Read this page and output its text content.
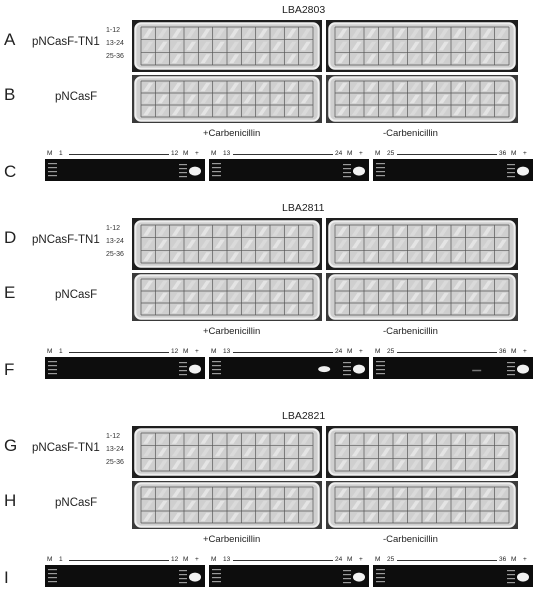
LBA2803
A pNCasF-TN1
1-12
13-24
25-36
B	pNCasF
+Carbenicillin	-Carbenicillin
C
M 1	12 M + M 13	24 M + M 25	36 M +
LBA2811
D pNCasF-TN1
1-12
13-24
25-36
E	pNCasF
+Carbenicillin	-Carbenicillin
F
M 1	12 M + M 13	24 M + M 25	36 M +
LBA2821
G pNCasF-TN1
1-12
13-24
25-36
H	pNCasF
+Carbenicillin	-Carbenicillin
I
M 1	12 M + M 13	24 M + M 25	36 M +
